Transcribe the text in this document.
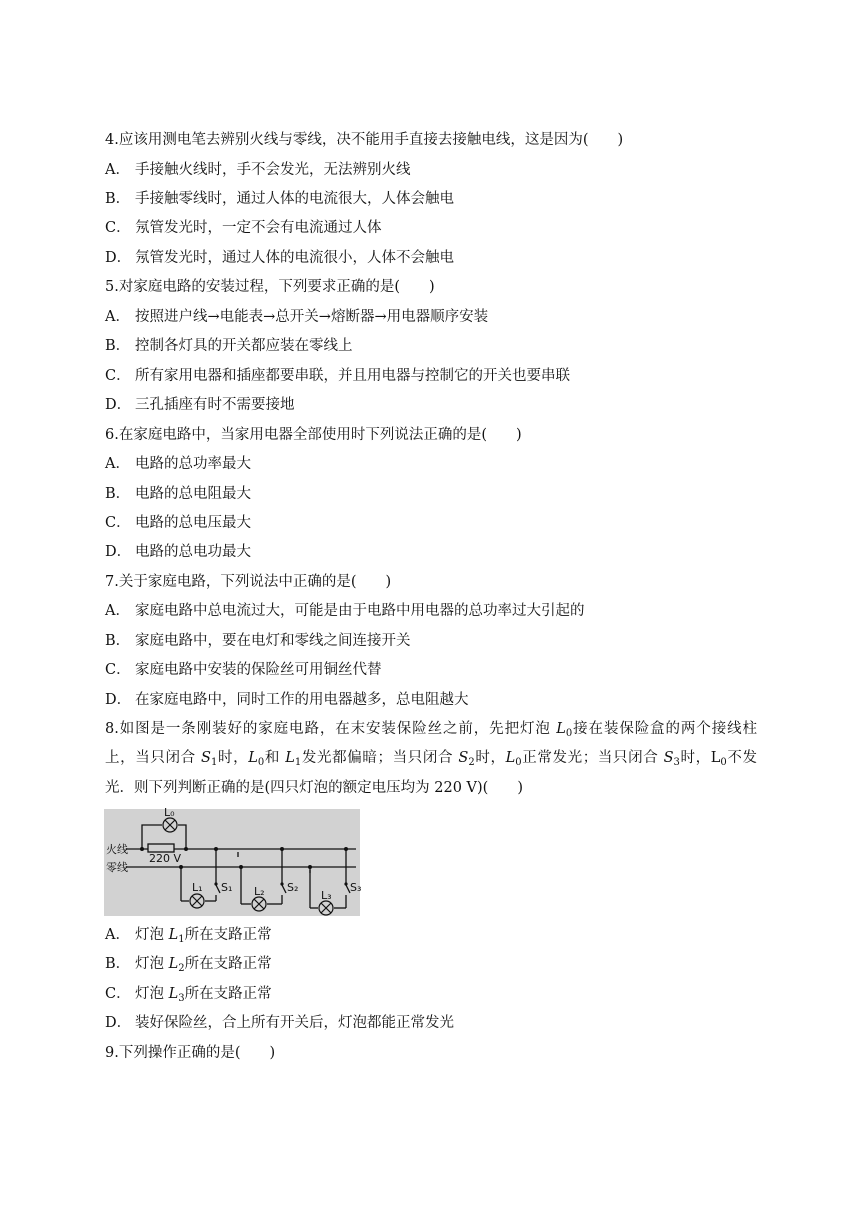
4.应该用测电笔去辨别火线与零线，决不能用手直接去接触电线，这是因为(　　)
A． 手接触火线时，手不会发光，无法辨别火线
B． 手接触零线时，通过人体的电流很大，人体会触电
C． 氖管发光时，一定不会有电流通过人体
D． 氖管发光时，通过人体的电流很小，人体不会触电
5.对家庭电路的安装过程，下列要求正确的是(　　)
A． 按照进户线→电能表→总开关→熔断器→用电器顺序安装
B． 控制各灯具的开关都应装在零线上
C． 所有家用电器和插座都要串联，并且用电器与控制它的开关也要串联
D． 三孔插座有时不需要接地
6.在家庭电路中，当家用电器全部使用时下列说法正确的是(　　)
A． 电路的总功率最大
B． 电路的总电阻最大
C． 电路的总电压最大
D． 电路的总电功最大
7.关于家庭电路，下列说法中正确的是(　　)
A． 家庭电路中总电流过大，可能是由于电路中用电器的总功率过大引起的
B． 家庭电路中，要在电灯和零线之间连接开关
C． 家庭电路中安装的保险丝可用铜丝代替
D． 在家庭电路中，同时工作的用电器越多，总电阻越大
8.如图是一条刚装好的家庭电路，在末安装保险丝之前，先把灯泡 $L_0$接在装保险盒的两个接线柱
上，当只闭合 $S_1$时，$L_0$和 $L_1$发光都偏暗；当只闭合 $S_2$时，$L_0$正常发光；当只闭合 $S_3$时，$L_0$不发
光．则下列判断正确的是(四只灯泡的额定电压均为 220 V)(　　)
火线
零线
220 V
L₀
L₁	L₂	L₃
S₁	S₂	S₃
A． 灯泡 $L_1$所在支路正常
B． 灯泡 $L_2$所在支路正常
C． 灯泡 $L_3$所在支路正常
D． 装好保险丝，合上所有开关后，灯泡都能正常发光
9.下列操作正确的是(　　)
